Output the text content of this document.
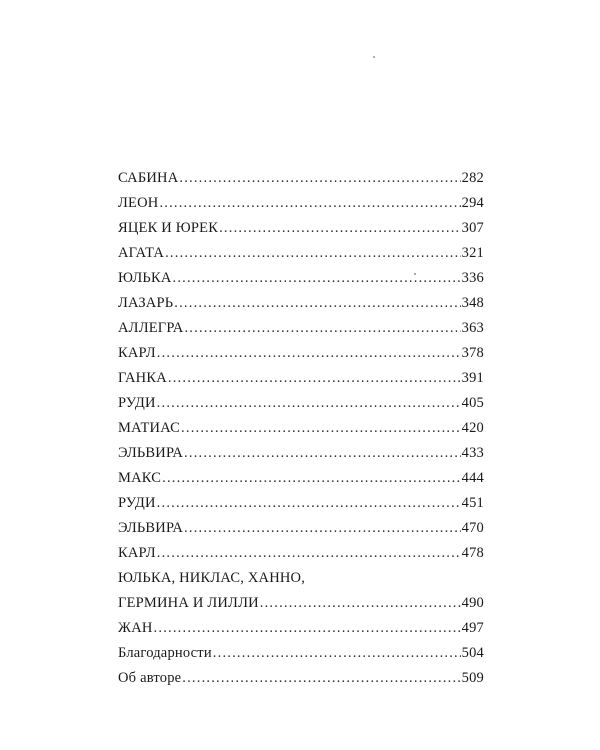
САБИНА .....	282
ЛЕОН .....	294
ЯЦЕК И ЮРЕК .....	307
АГАТА .....	321
ЮЛЬКА .....	336
ЛАЗАРЬ .....	348
АЛЛЕГРА .....	363
КАРЛ .....	378
ГАНКА .....	391
РУДИ .....	405
МАТИАС .....	420
ЭЛЬВИРА .....	433
МАКС .....	444
РУДИ .....	451
ЭЛЬВИРА .....	470
КАРЛ .....	478
ЮЛЬКА, НИКЛАС, ХАННО,
ГЕРМИНА И ЛИЛЛИ .....	490
ЖАН .....	497
Благодарности .....	504
Об авторе .....	509
